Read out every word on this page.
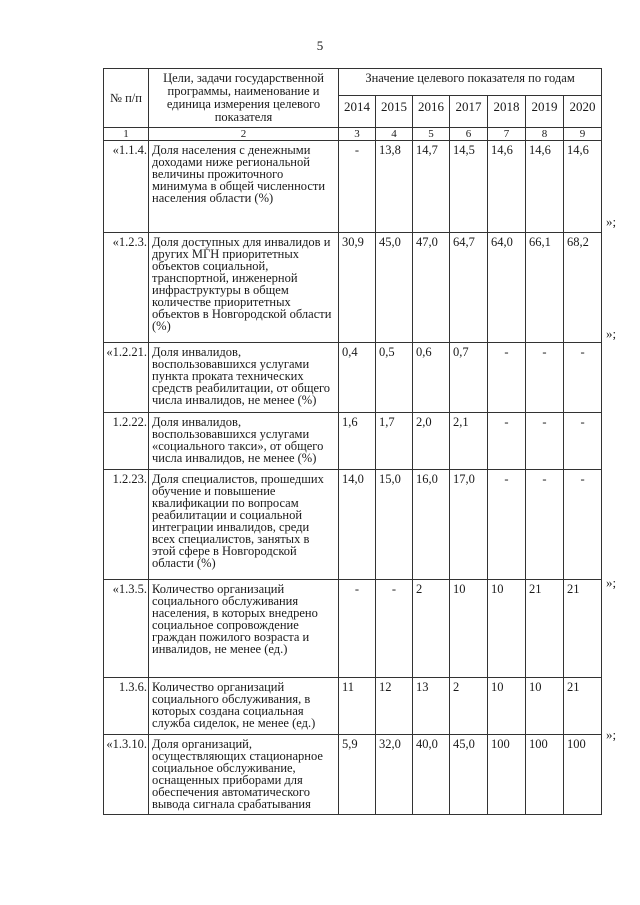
5
№ п/п	Цели, задачи государственной программы, наименование и единица измерения целевого показателя	Значение целевого показателя по годам						
		2014	2015	2016	2017	2018	2019	2020
1	2	3	4	5	6	7	8	9
«1.1.4.	Доля населения с денежными доходами ниже региональной величины прожиточного минимума в общей численности населения области (%)	-	13,8	14,7	14,5	14,6	14,6	14,6
«1.2.3.	Доля доступных для инвалидов и других МГН приоритетных объектов социальной, транспортной, инженерной инфраструктуры в общем количестве приоритетных объектов в Новгородской области (%)	30,9	45,0	47,0	64,7	64,0	66,1	68,2
«1.2.21.	Доля инвалидов, воспользовавшихся услугами пункта проката технических средств реабилитации, от общего числа инвалидов, не менее (%)	0,4	0,5	0,6	0,7	-	-	-
1.2.22.	Доля инвалидов, воспользовавшихся услугами «социального такси», от общего числа инвалидов, не менее (%)	1,6	1,7	2,0	2,1	-	-	-
1.2.23.	Доля специалистов, прошедших обучение и повышение квалификации по вопросам реабилитации и социальной интеграции инвалидов, среди всех специалистов, занятых в этой сфере в Новгородской области (%)	14,0	15,0	16,0	17,0	-	-	-
«1.3.5.	Количество организаций социального обслуживания населения, в которых внедрено социальное сопровождение граждан пожилого возраста и инвалидов, не менее (ед.)	-	-	2	10	10	21	21
1.3.6.	Количество организаций социального обслуживания, в которых создана социальная служба сиделок, не менее (ед.)	11	12	13	2	10	10	21
«1.3.10.	Доля организаций, осуществляющих стационарное социальное обслуживание, оснащенных приборами для обеспечения автоматического вывода сигнала срабатывания	5,9	32,0	40,0	45,0	100	100	100
»;
»;
»;
»;
